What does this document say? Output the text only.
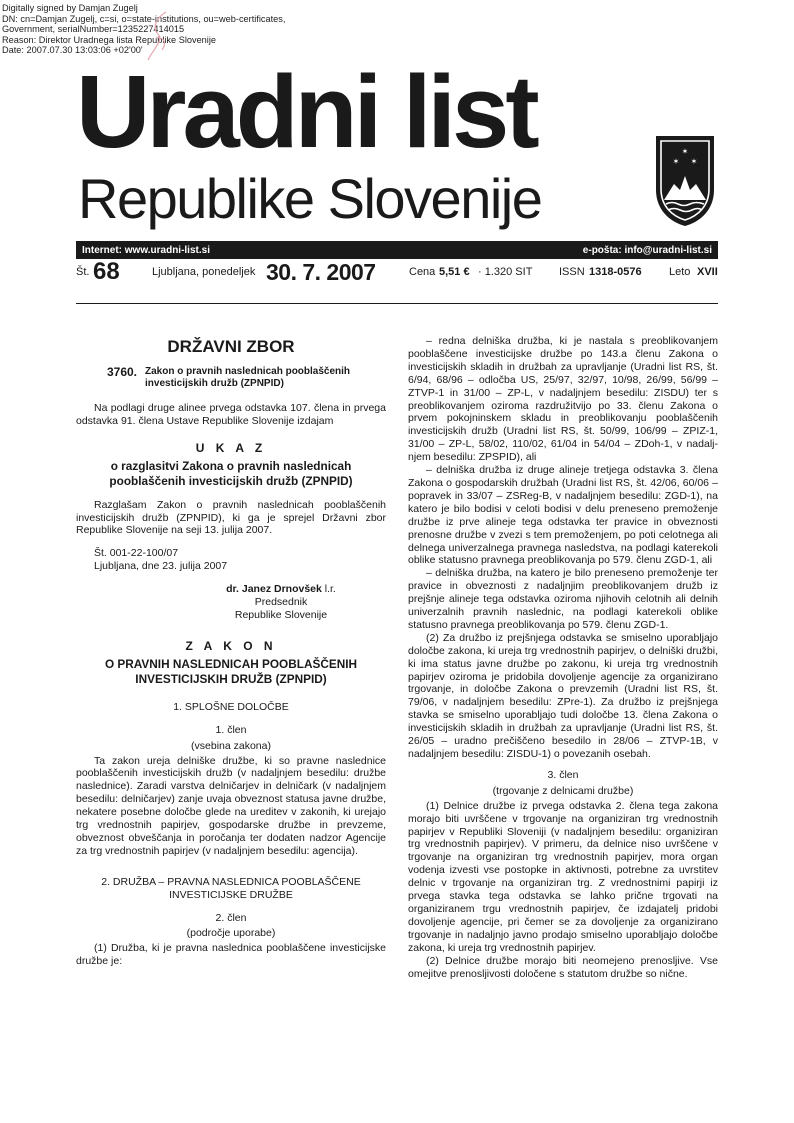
Digitally signed by Damjan Zugelj
DN: cn=Damjan Zugelj, c=si, o=state-institutions, ou=web-certificates,
Government, serialNumber=1235227414015
Reason: Direktor Uradnega lista Republike Slovenije
Date: 2007.07.30 13:03:06 +02'00'
Uradni list
Republike Slovenije
✶
✶ ✶
Internet: www.uradni-list.si	e-pošta: info@uradni-list.si
Št. 68	Ljubljana, ponedeljek 30. 7. 2007	Cena 5,51 € · 1.320 SIT ISSN 1318-0576 Leto XVII
DRŽAVNI ZBOR
3760. Zakon o pravnih naslednicah pooblaščenih investicijskih družb (ZPNPID)

Na podlagi druge alinee prvega odstavka 107. člena in prvega odstavka 91. člena Ustave Republike Slovenije izdajam

U K A Z
o razglasitvi Zakona o pravnih naslednicah pooblaščenih investicijskih družb (ZPNPID)

Razglašam Zakon o pravnih naslednicah pooblaščenih investicijskih družb (ZPNPID), ki ga je sprejel Državni zbor Republike Slovenije na seji 13. julija 2007.

Št. 001-22-100/07

Ljubljana, dne 23. julija 2007

dr. Janez Drnovšek l.r.
Predsednik
Republike Slovenije
Z A K O N
O PRAVNIH NASLEDNICAH POOBLAŠČENIH INVESTICIJSKIH DRUŽB (ZPNPID)
1. SPLOŠNE DOLOČBE
1. člen
(vsebina zakona)

Ta zakon ureja delniške družbe, ki so pravne naslednice pooblaščenih investicijskih družb (v nadaljnjem besedilu: družbe naslednice). Zaradi varstva delničarjev in delničark (v nadaljnjem besedilu: delničarjev) zanje uvaja obveznost statusa javne družbe, nekatere posebne določbe glede na ureditev v zakonih, ki urejajo trg vrednostnih papirjev, gospodarske družbe in prevzeme, obveznost obveščanja in poročanja ter dodaten nadzor Agencije za trg vrednostnih papirjev (v nadaljnjem besedilu: agencija).

2. DRUŽBA – PRAVNA NASLEDNICA POOBLAŠČENE INVESTICIJSKE DRUŽBE
2. člen
(področje uporabe)

(1) Družba, ki je pravna naslednica pooblaščene investicijske družbe je:

– redna delniška družba, ki je nastala s preoblikovanjem pooblaščene investicijske družbe po 143.a členu Zakona o investicijskih skladih in družbah za upravljanje (Uradni list RS, št. 6/94, 68/96 – odločba US, 25/97, 32/97, 10/98, 26/99, 56/99 – ZTVP-1 in 31/00 – ZP-L, v nadaljnjem besedilu: ZISDU) ter s preoblikovanjem oziroma razdružitvijo po 33. členu Zakona o prvem pokojninskem skladu in preoblikovanju pooblaščenih investicijskih družb (Uradni list RS, št. 50/99, 106/99 – ZPIZ-1, 31/00 – ZP-L, 58/02, 110/02, 61/04 in 54/04 – ZDoh-1, v nadaljnjem besedilu: ZPSPID), ali

– delniška družba iz druge alineje tretjega odstavka 3. člena Zakona o gospodarskih družbah (Uradni list RS, št. 42/06, 60/06 – popravek in 33/07 – ZSReg-B, v nadaljnjem besedilu: ZGD-1), na katero je bilo bodisi v celoti bodisi v delu preneseno premoženje družbe iz prve alineje tega odstavka ter pravice in obveznosti prenosne družbe v zvezi s tem premoženjem, po poti celotnega ali delnega univerzalnega pravnega nasledstva, na podlagi katerekoli oblike statusno pravnega preoblikovanja po 579. členu ZGD-1, ali

– delniška družba, na katero je bilo preneseno premoženje ter pravice in obveznosti z nadaljnjim preoblikovanjem družb iz prejšnje alineje tega odstavka oziroma njihovih celotnih ali delnih univerzalnih pravnih naslednic, na podlagi katerekoli oblike statusno pravnega preoblikovanja po 579. členu ZGD-1.

(2) Za družbo iz prejšnjega odstavka se smiselno uporabljajo določbe zakona, ki ureja trg vrednostnih papirjev, o delniški družbi, ki ima status javne družbe po zakonu, ki ureja trg vrednostnih papirjev oziroma je pridobila dovoljenje agencije za organizirano trgovanje, in določbe Zakona o prevzemih (Uradni list RS, št. 79/06, v nadaljnjem besedilu: ZPre-1). Za družbo iz prejšnjega stavka se smiselno uporabljajo tudi določbe 13. člena Zakona o investicijskih skladih in družbah za upravljanje (Uradni list RS, št. 26/05 – uradno prečiščeno besedilo in 28/06 – ZTVP-1B, v nadaljnjem besedilu: ZISDU-1) o povezanih osebah.

3. člen
(trgovanje z delnicami družbe)

(1) Delnice družbe iz prvega odstavka 2. člena tega zakona morajo biti uvrščene v trgovanje na organiziran trg vrednostnih papirjev v Republiki Sloveniji (v nadaljnjem besedilu: organiziran trg vrednostnih papirjev). V primeru, da delnice niso uvrščene v trgovanje na organiziran trg vrednostnih papirjev, mora organ vodenja izvesti vse postopke in aktivnosti, potrebne za uvrstitev delnic v trgovanje na organiziran trg. Z vrednostnimi papirji iz prvega stavka tega odstavka se lahko prične trgovati na organiziranem trgu vrednostnih papirjev, če izdajatelj pridobi dovoljenje agencije, pri čemer se za dovoljenje za organizirano trgovanje in nadaljnjo javno prodajo smiselno uporabljajo določbe zakona, ki ureja trg vrednostnih papirjev.

(2) Delnice družbe morajo biti neomejeno prenosljive. Vse omejitve prenosljivosti določene s statutom družbe so nične.
